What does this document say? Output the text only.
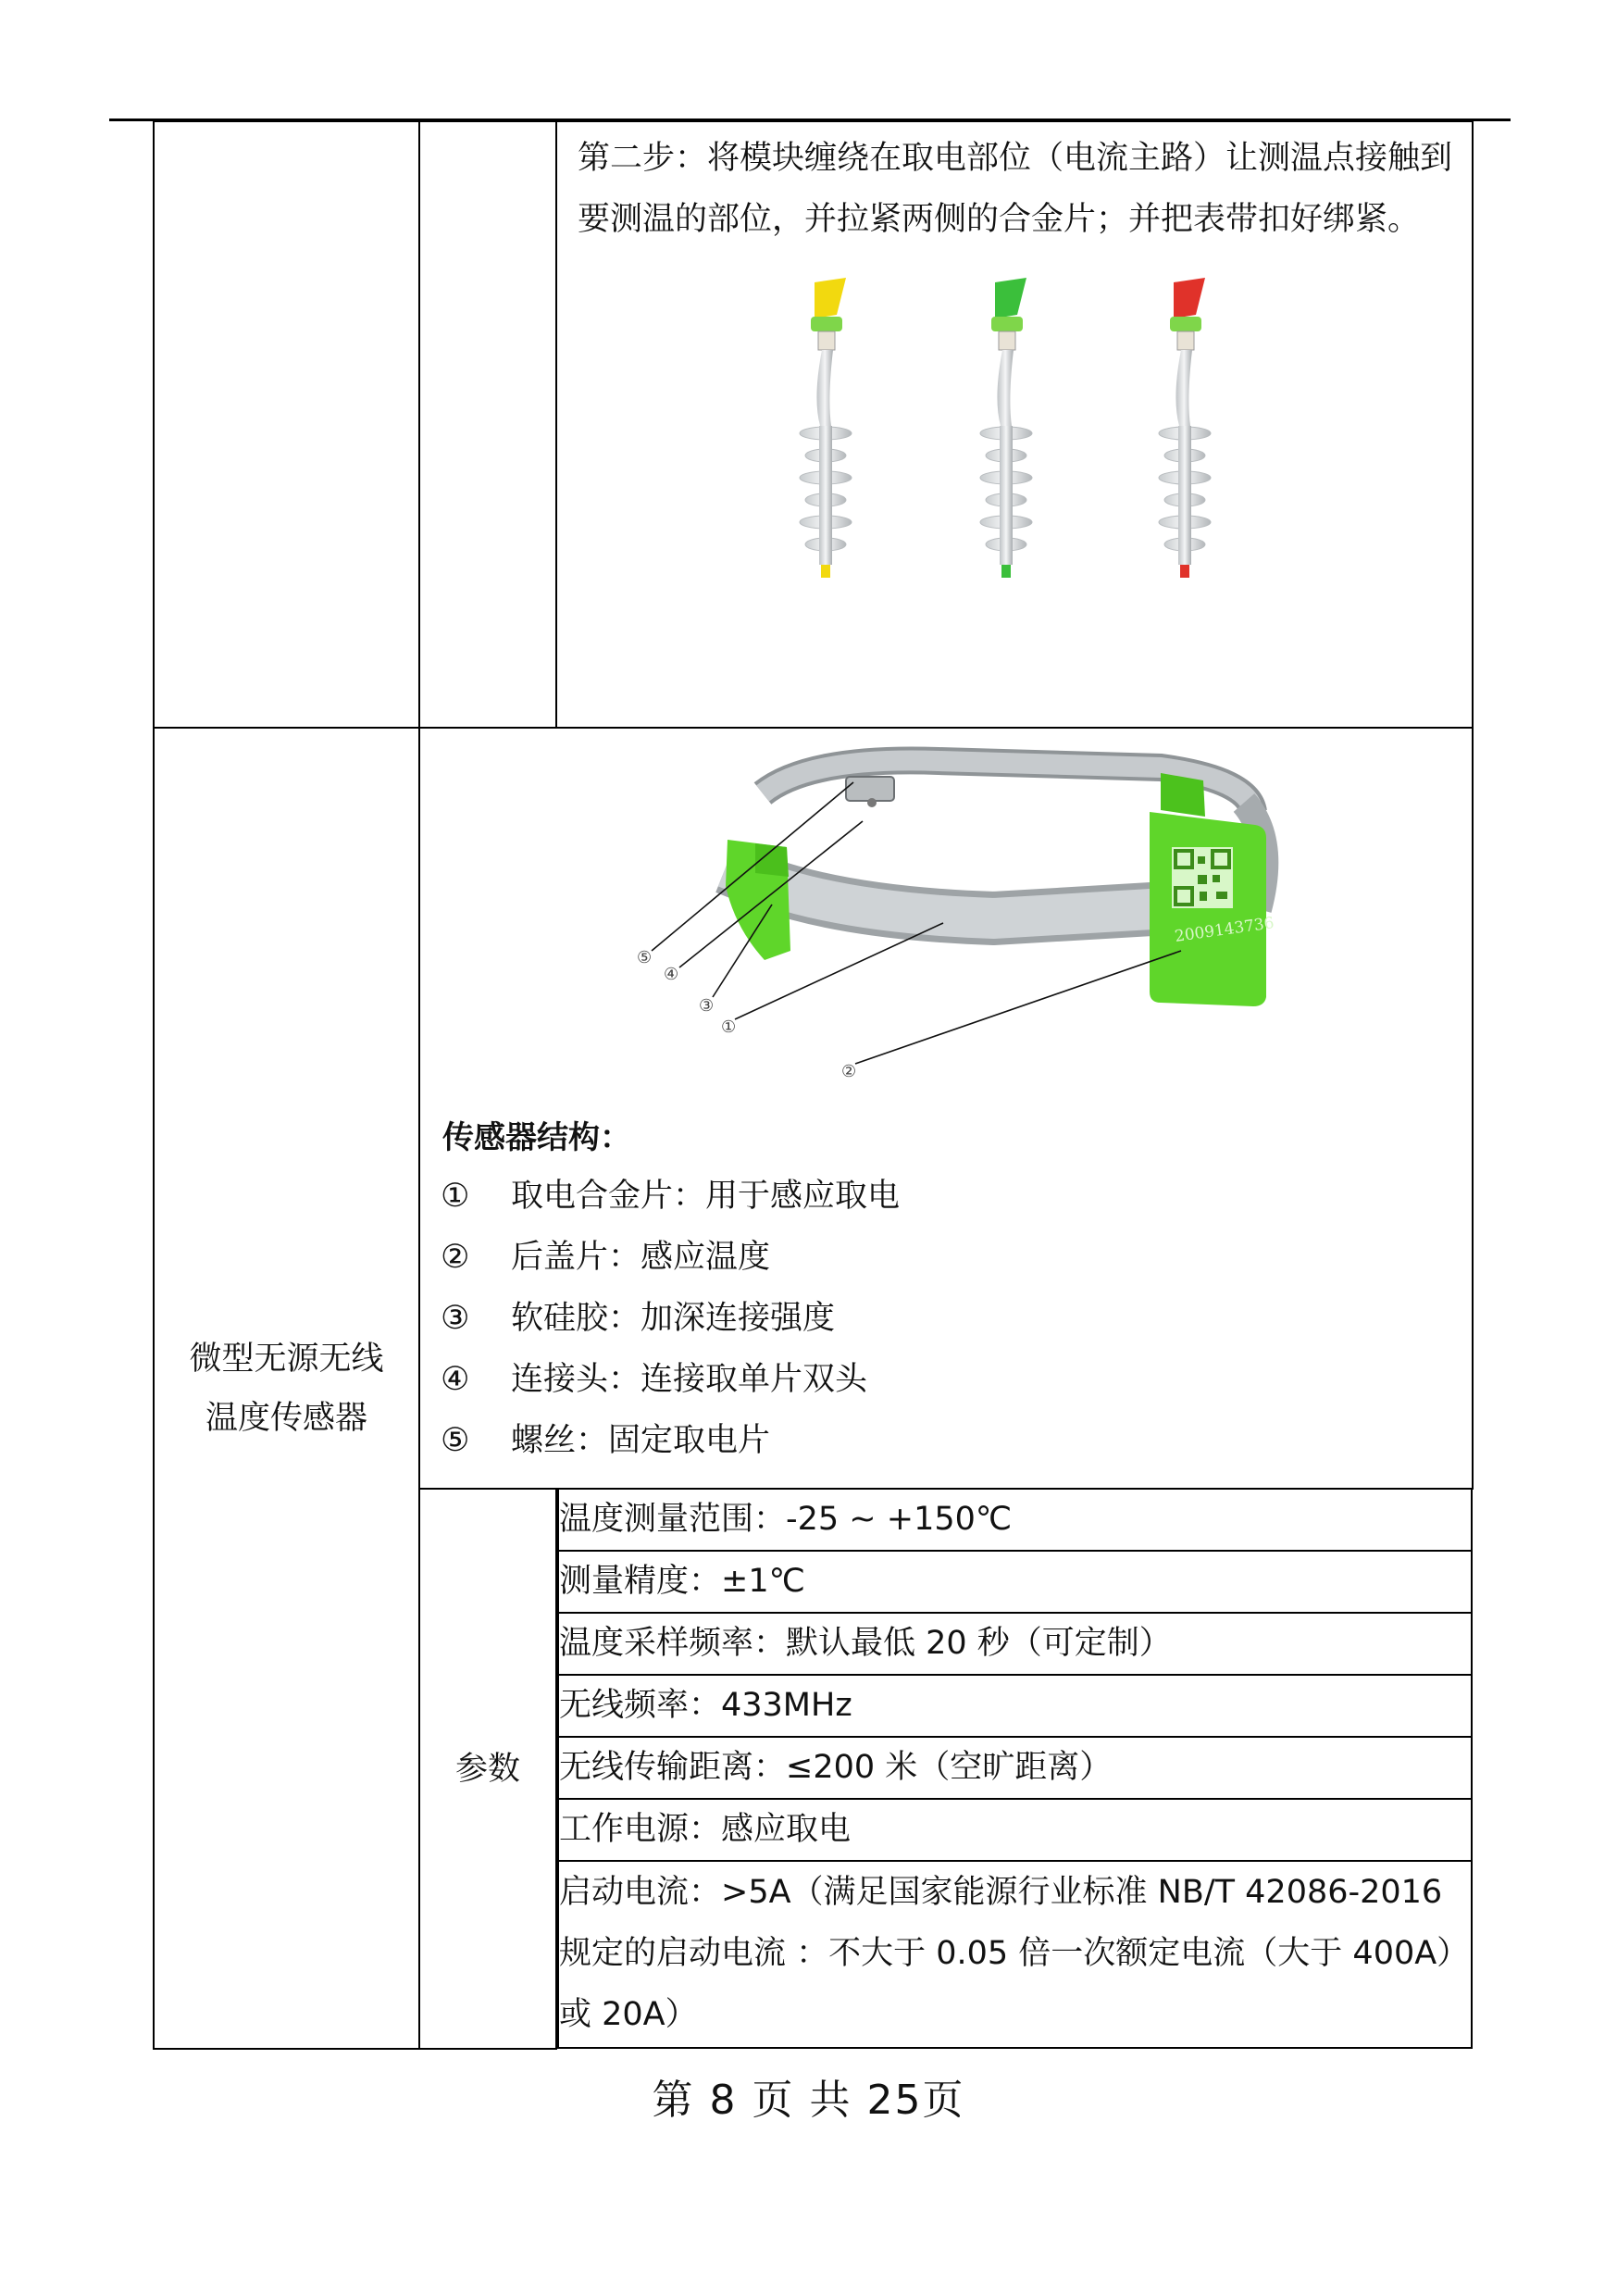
第二步：将模块缠绕在取电部位（电流主路）让测温点接触到要测温的部位，并拉紧两侧的合金片；并把表带扣好绑紧。

微型无源无线
温度传感器

2009143736
⑤
④
③
①
②
传感器结构：
①	取电合金片：用于感应取电
②	后盖片：感应温度
③	软硅胶：加深连接强度
④	连接头：连接取单片双头
⑤	螺丝：固定取电片

参数	
温度测量范围：-25 ~ +150℃
测量精度：±1℃
温度采样频率：默认最低 20 秒（可定制）
无线频率：433MHz
无线传输距离：≤200 米（空旷距离）
工作电源：感应取电
启动电流：>5A（满足国家能源行业标准 NB/T 42086-2016 规定的启动电流 ：不大于 0.05 倍一次额定电流（大于 400A）或 20A）
第 8 页 共 25页
